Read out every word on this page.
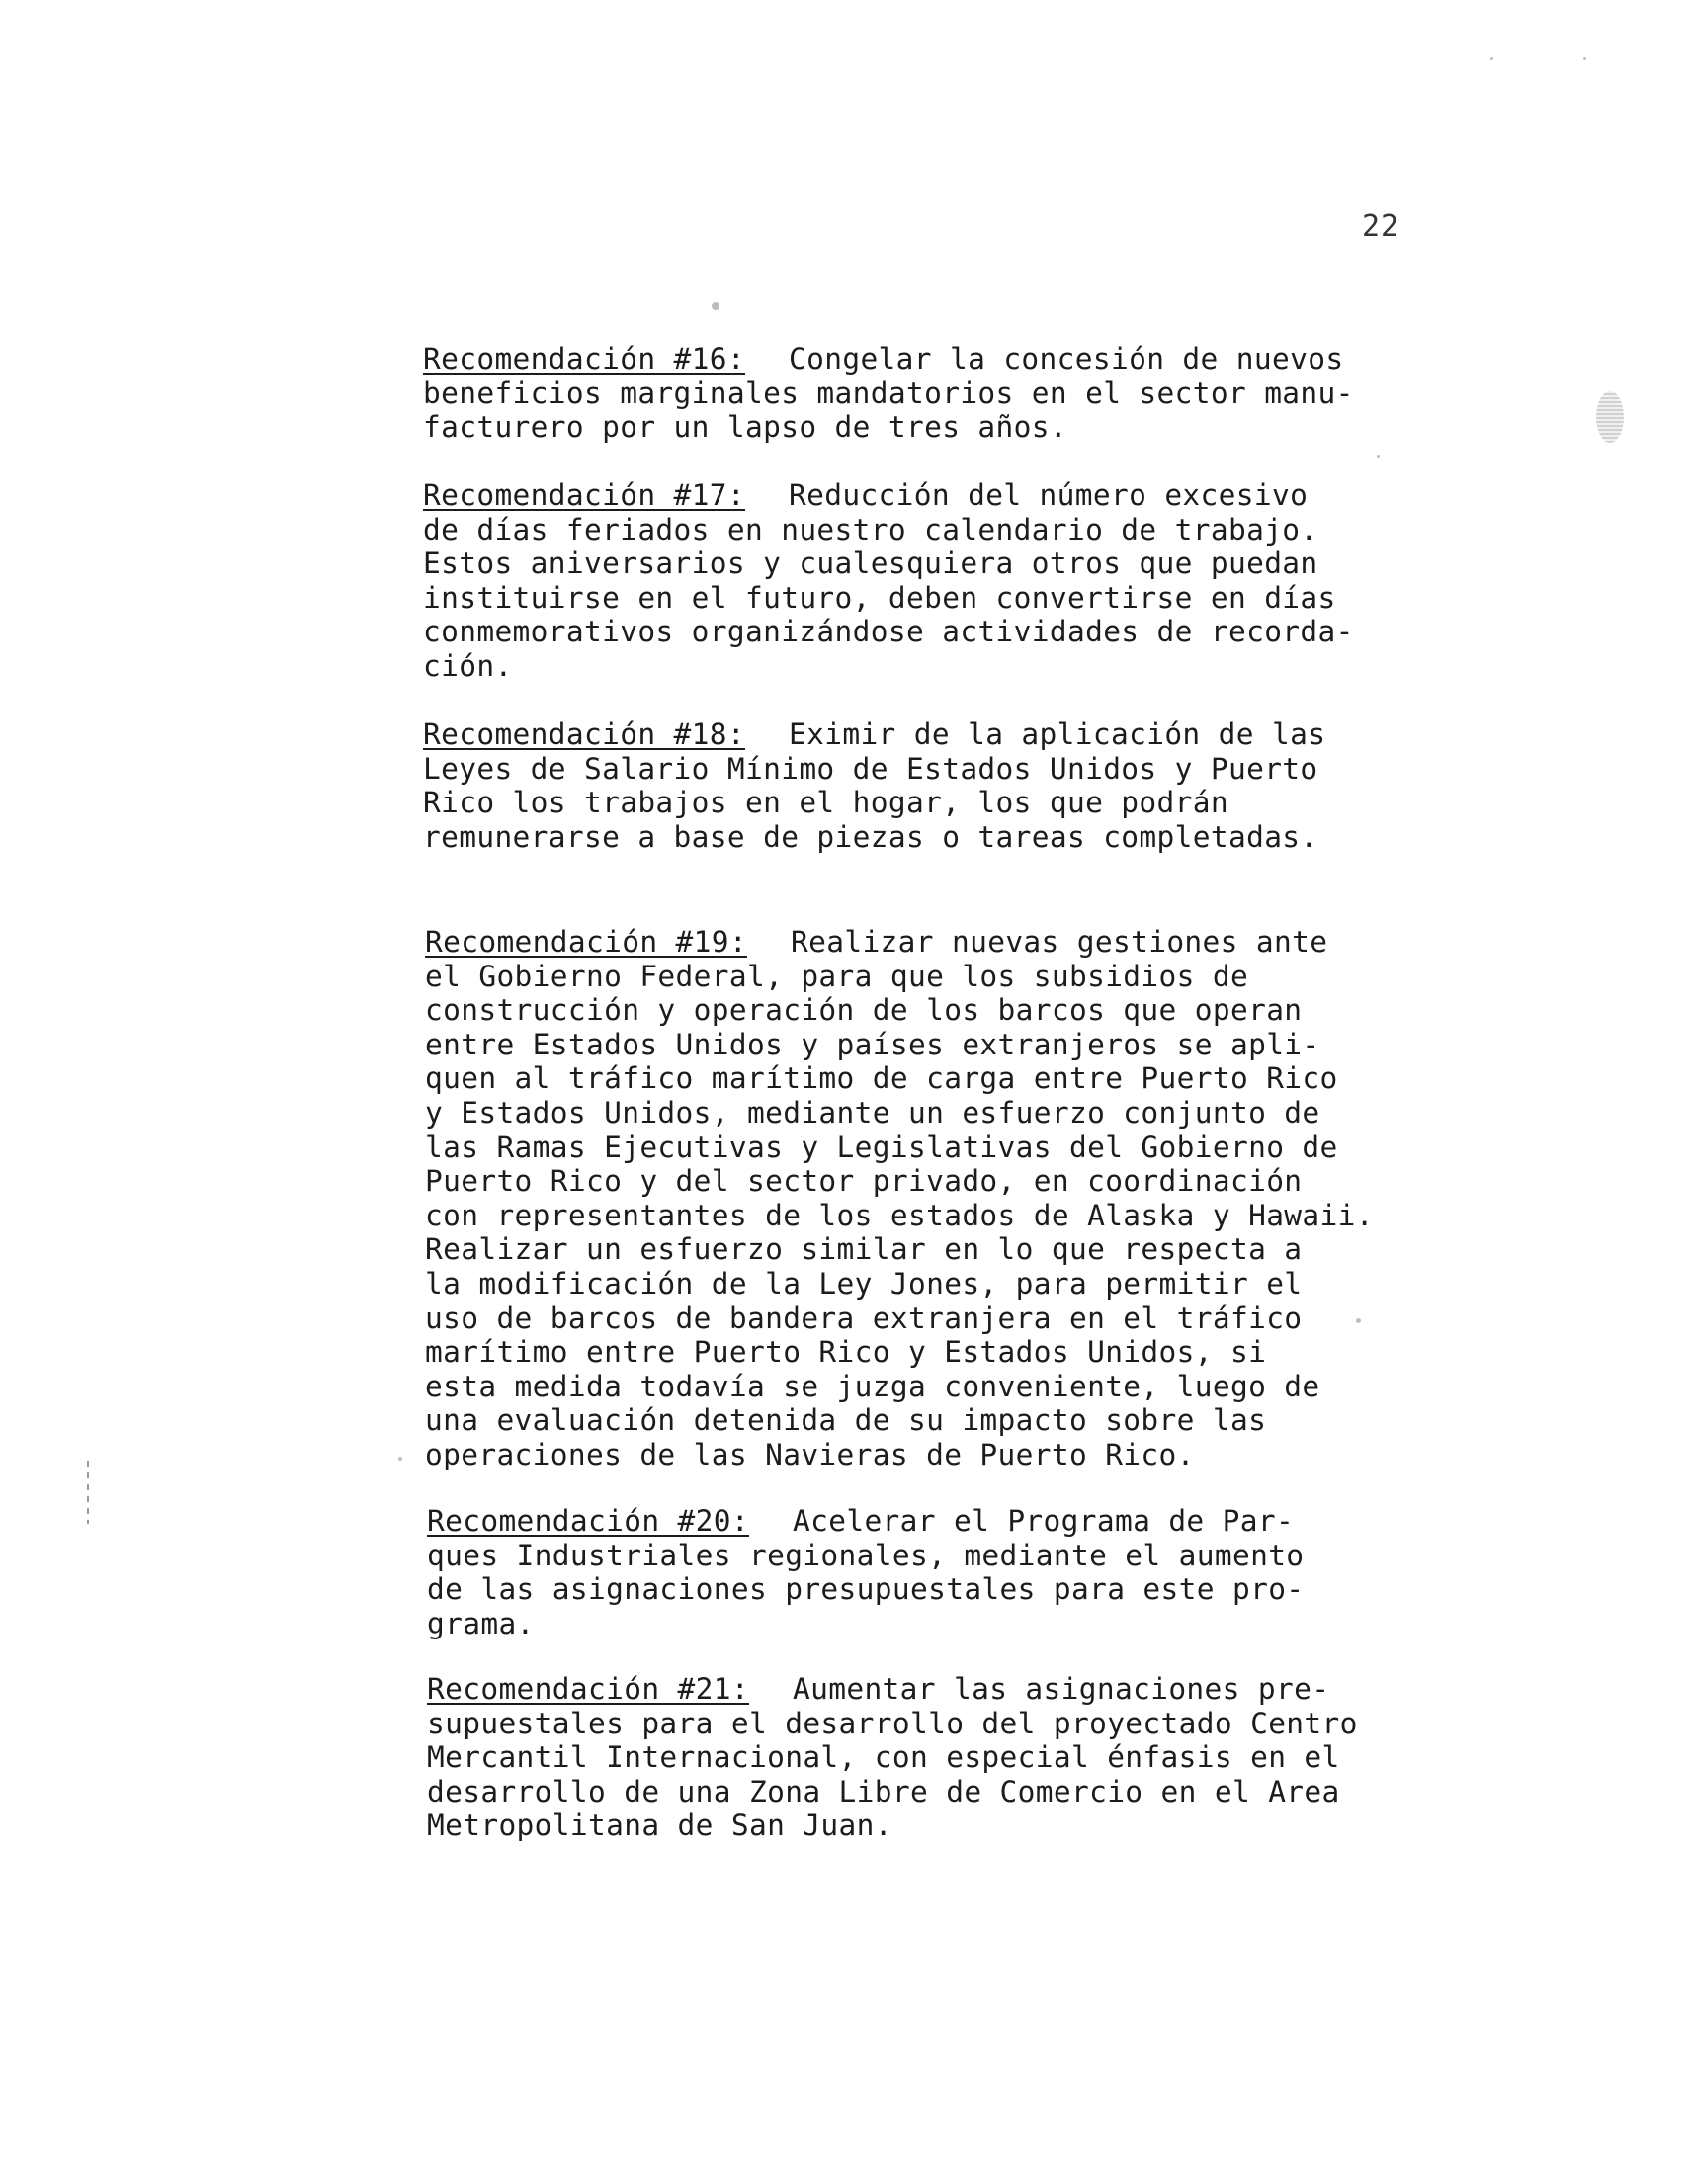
22
Recomendación #16: Congelar la concesión de nuevos
beneficios marginales mandatorios en el sector manu-
facturero por un lapso de tres años.
Recomendación #17: Reducción del número excesivo
de días feriados en nuestro calendario de trabajo.
Estos aniversarios y cualesquiera otros que puedan
instituirse en el futuro, deben convertirse en días
conmemorativos organizándose actividades de recorda-
ción.
Recomendación #18: Eximir de la aplicación de las
Leyes de Salario Mínimo de Estados Unidos y Puerto
Rico los trabajos en el hogar, los que podrán
remunerarse a base de piezas o tareas completadas.
Recomendación #19: Realizar nuevas gestiones ante
el Gobierno Federal, para que los subsidios de
construcción y operación de los barcos que operan
entre Estados Unidos y países extranjeros se apli-
quen al tráfico marítimo de carga entre Puerto Rico
y Estados Unidos, mediante un esfuerzo conjunto de
las Ramas Ejecutivas y Legislativas del Gobierno de
Puerto Rico y del sector privado, en coordinación
con representantes de los estados de Alaska y Hawaii.
Realizar un esfuerzo similar en lo que respecta a
la modificación de la Ley Jones, para permitir el
uso de barcos de bandera extranjera en el tráfico
marítimo entre Puerto Rico y Estados Unidos, si
esta medida todavía se juzga conveniente, luego de
una evaluación detenida de su impacto sobre las
operaciones de las Navieras de Puerto Rico.
Recomendación #20: Acelerar el Programa de Par-
ques Industriales regionales, mediante el aumento
de las asignaciones presupuestales para este pro-
grama.
Recomendación #21: Aumentar las asignaciones pre-
supuestales para el desarrollo del proyectado Centro
Mercantil Internacional, con especial énfasis en el
desarrollo de una Zona Libre de Comercio en el Area
Metropolitana de San Juan.
